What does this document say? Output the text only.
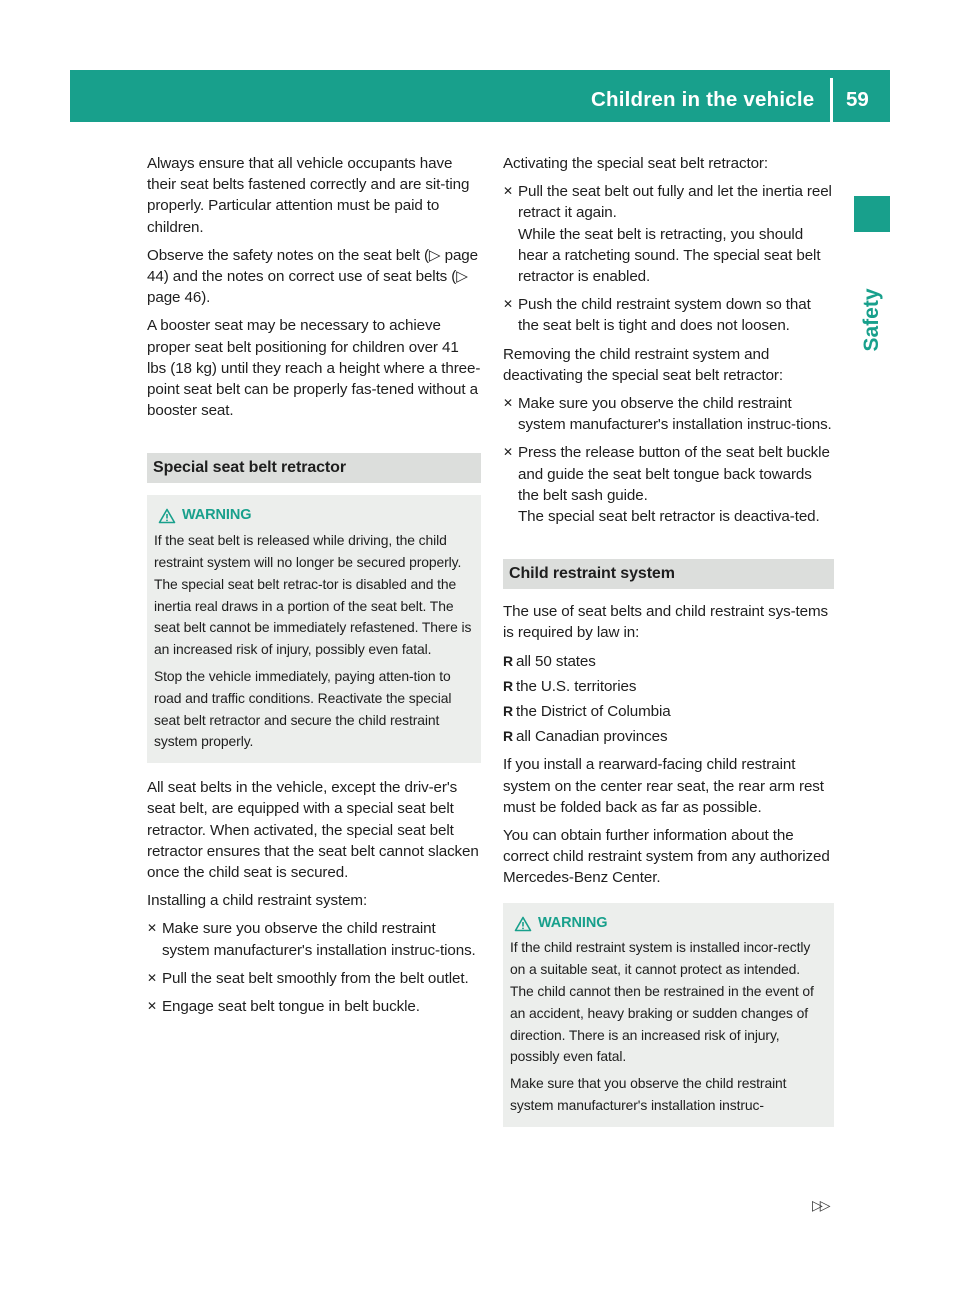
Children in the vehicle 59
Safety

Always ensure that all vehicle occupants have their seat belts fastened correctly and are sit-ting properly. Particular attention must be paid to children.

Observe the safety notes on the seat belt (▷ page 44) and the notes on correct use of seat belts (▷ page 46).

A booster seat may be necessary to achieve proper seat belt positioning for children over 41 lbs (18 kg) until they reach a height where a three-point seat belt can be properly fas-tened without a booster seat.

Special seat belt retractor
WARNING

If the seat belt is released while driving, the child restraint system will no longer be secured properly. The special seat belt retrac-tor is disabled and the inertia real draws in a portion of the seat belt. The seat belt cannot be immediately refastened. There is an increased risk of injury, possibly even fatal.

Stop the vehicle immediately, paying atten-tion to road and traffic conditions. Reactivate the special seat belt retractor and secure the child restraint system properly.

All seat belts in the vehicle, except the driv-er's seat belt, are equipped with a special seat belt retractor. When activated, the special seat belt retractor ensures that the seat belt cannot slacken once the child seat is secured.

Installing a child restraint system:

✕ Make sure you observe the child restraint system manufacturer's installation instruc-tions.
✕ Pull the seat belt smoothly from the belt outlet.
✕ Engage seat belt tongue in belt buckle.

Activating the special seat belt retractor:

✕ Pull the seat belt out fully and let the inertia reel retract it again.
While the seat belt is retracting, you should hear a ratcheting sound. The special seat belt retractor is enabled.
✕ Push the child restraint system down so that the seat belt is tight and does not loosen.

Removing the child restraint system and deactivating the special seat belt retractor:

✕ Make sure you observe the child restraint system manufacturer's installation instruc-tions.
✕ Press the release button of the seat belt buckle and guide the seat belt tongue back towards the belt sash guide.
The special seat belt retractor is deactiva-ted.
Child restraint system

The use of seat belts and child restraint sys-tems is required by law in:

R all 50 states
R the U.S. territories
R the District of Columbia
R all Canadian provinces

If you install a rearward-facing child restraint system on the center rear seat, the rear arm rest must be folded back as far as possible.

You can obtain further information about the correct child restraint system from any authorized Mercedes-Benz Center.

WARNING

If the child restraint system is installed incor-rectly on a suitable seat, it cannot protect as intended. The child cannot then be restrained in the event of an accident, heavy braking or sudden changes of direction. There is an increased risk of injury, possibly even fatal.

Make sure that you observe the child restraint system manufacturer's installation instruc-

▷▷
